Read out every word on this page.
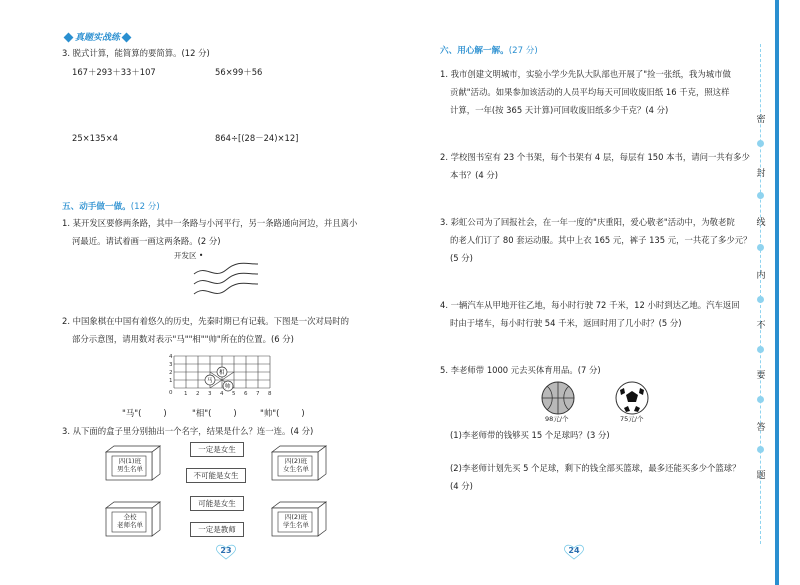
真题实战练
3. 脱式计算，能简算的要简算。(12 分)
167＋293＋33＋107	56×99＋56
25×135×4	864÷[(28－24)×12]
五、动手做一做。(12 分)
1. 某开发区要修两条路，其中一条路与小河平行，另一条路通向河边，并且离小
河最近。请试着画一画这两条路。(2 分)
开发区 •
2. 中国象棋在中国有着悠久的历史，先秦时期已有记载。下图是一次对局时的
部分示意图，请用数对表示"马""相""帅"所在的位置。(6 分)
4
3
2
1
0 1 2 3 4 5 6 7 8
马
相
帅
"马"(	)	"相"(	)	"帅"(	)
3. 从下面的盒子里分别抽出一个名字，结果是什么？连一连。(4 分)
四(1)班
男生名单
四(2)班
女生名单
全校
老师名单
四(2)班
学生名单
一定是女生
不可能是女生
可能是女生
一定是教师
23
六、用心解一解。(27 分)
1. 我市创建文明城市，实验小学少先队大队部也开展了"捡一张纸，我为城市做
贡献"活动。如果参加该活动的人员平均每天可回收废旧纸 16 千克，照这样
计算，一年(按 365 天计算)可回收废旧纸多少千克？(4 分)
2. 学校图书室有 23 个书架，每个书架有 4 层，每层有 150 本书，请问一共有多少
本书？(4 分)
3. 彩虹公司为了回报社会，在一年一度的"庆重阳，爱心敬老"活动中，为敬老院
的老人们订了 80 套运动服。其中上衣 165 元，裤子 135 元，一共花了多少元？
(5 分)
4. 一辆汽车从甲地开往乙地，每小时行驶 72 千米，12 小时到达乙地。汽车返回
时由于堵车，每小时行驶 54 千米，返回时用了几小时？(5 分)
5. 李老师带 1000 元去买体育用品。(7 分)
98元/个	75元/个
(1)李老师带的钱够买 15 个足球吗？(3 分)
(2)李老师计划先买 5 个足球，剩下的钱全部买篮球，最多还能买多少个篮球？
(4 分)
24
密
封
线
内
不
要
答
题
